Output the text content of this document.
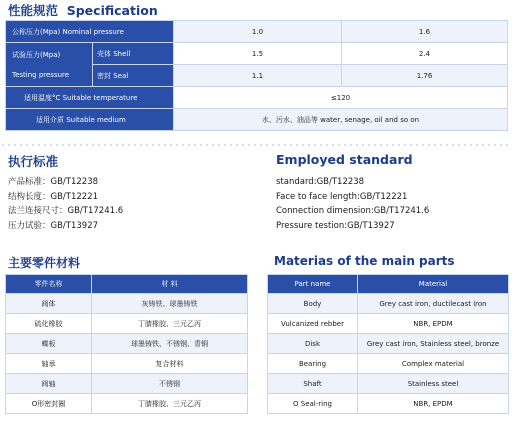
性能规范 Specification
公称压力(Mpa) Nominal pressure		1.0	1.6

试验压力(Mpa)
Testing pressure	壳体 Shell	1.5	2.4
	密封 Seal	1.1	1.76
适用温度°C Suitable temperature		≤120	
适用介质 Suitable medium		水、污水、油品等 water, senage, oil and so on	
执行标准
产品标准：GB/T12238
结构长度：GB/T12221
法兰连接尺寸：GB/T17241.6
压力试验：GB/T13927
Employed standard
standard:GB/T12238
Face to face length:GB/T12221
Connection dimension:GB/T17241.6
Pressure testion:GB/T13927
主要零件材料
零件名称	材 料
阀体	灰铸铁、球墨铸铁
硫化橡胶	丁腈橡胶、三元乙丙
蝶板	球墨铸铁、不锈钢、青铜
轴承	复合材料
阀轴	不锈钢
O形密封圈	丁腈橡胶、三元乙丙
Materias of the main parts
Part name	Material
Body	Grey cast iron, ductilecast iron
Vulcanized rebber	NBR, EPDM
Disk	Grey cast iron, Stainless steel, bronze
Bearing	Complex material
Shaft	Stainless steel
O Seal-ring	NBR, EPDM
